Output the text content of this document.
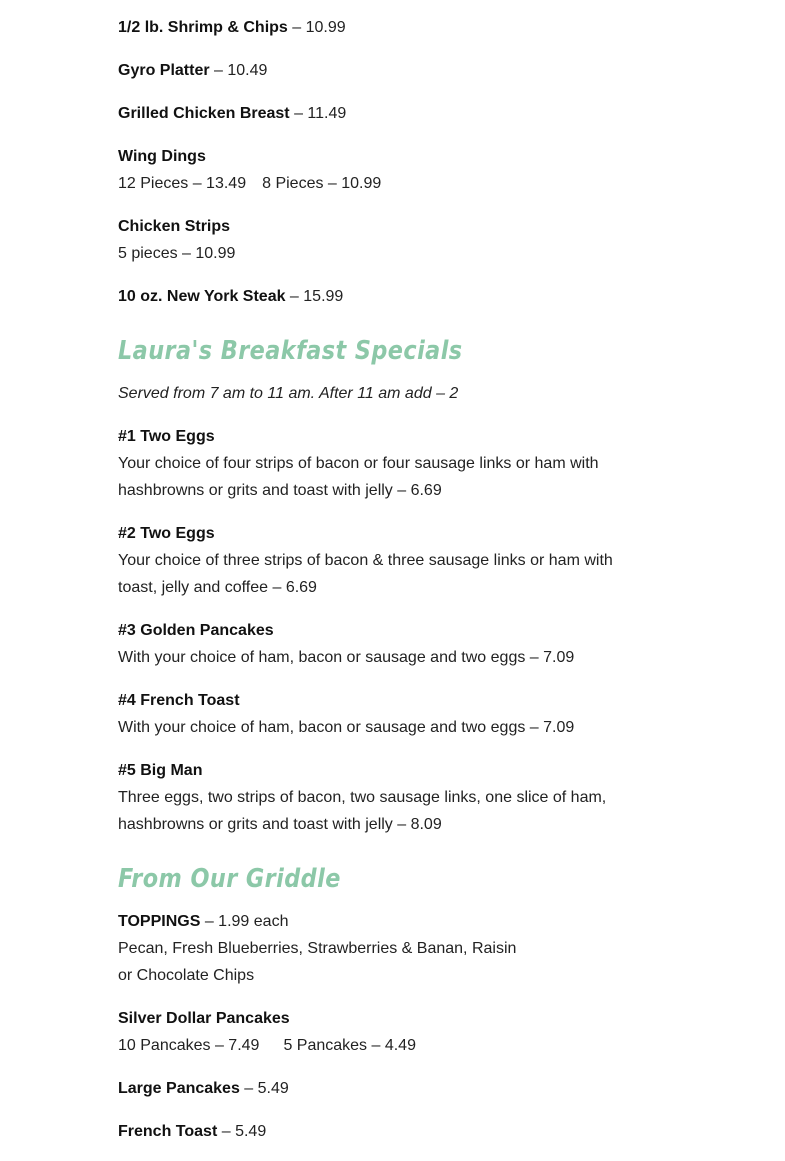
1/2 lb. Shrimp & Chips – 10.99

Gyro Platter – 10.49

Grilled Chicken Breast – 11.49

Wing Dings
12 Pieces – 13.49 8 Pieces – 10.99

Chicken Strips
5 pieces – 10.99

10 oz. New York Steak – 15.99

Laura's Breakfast Specials

Served from 7 am to 11 am. After 11 am add – 2

#1 Two Eggs
Your choice of four strips of bacon or four sausage links or ham with
hashbrowns or grits and toast with jelly – 6.69

#2 Two Eggs
Your choice of three strips of bacon & three sausage links or ham with
toast, jelly and coffee – 6.69

#3 Golden Pancakes
With your choice of ham, bacon or sausage and two eggs – 7.09

#4 French Toast
With your choice of ham, bacon or sausage and two eggs – 7.09

#5 Big Man
Three eggs, two strips of bacon, two sausage links, one slice of ham,
hashbrowns or grits and toast with jelly – 8.09

From Our Griddle

TOPPINGS – 1.99 each
Pecan, Fresh Blueberries, Strawberries & Banan, Raisin
or Chocolate Chips

Silver Dollar Pancakes
10 Pancakes – 7.49 5 Pancakes – 4.49

Large Pancakes – 5.49

French Toast – 5.49
